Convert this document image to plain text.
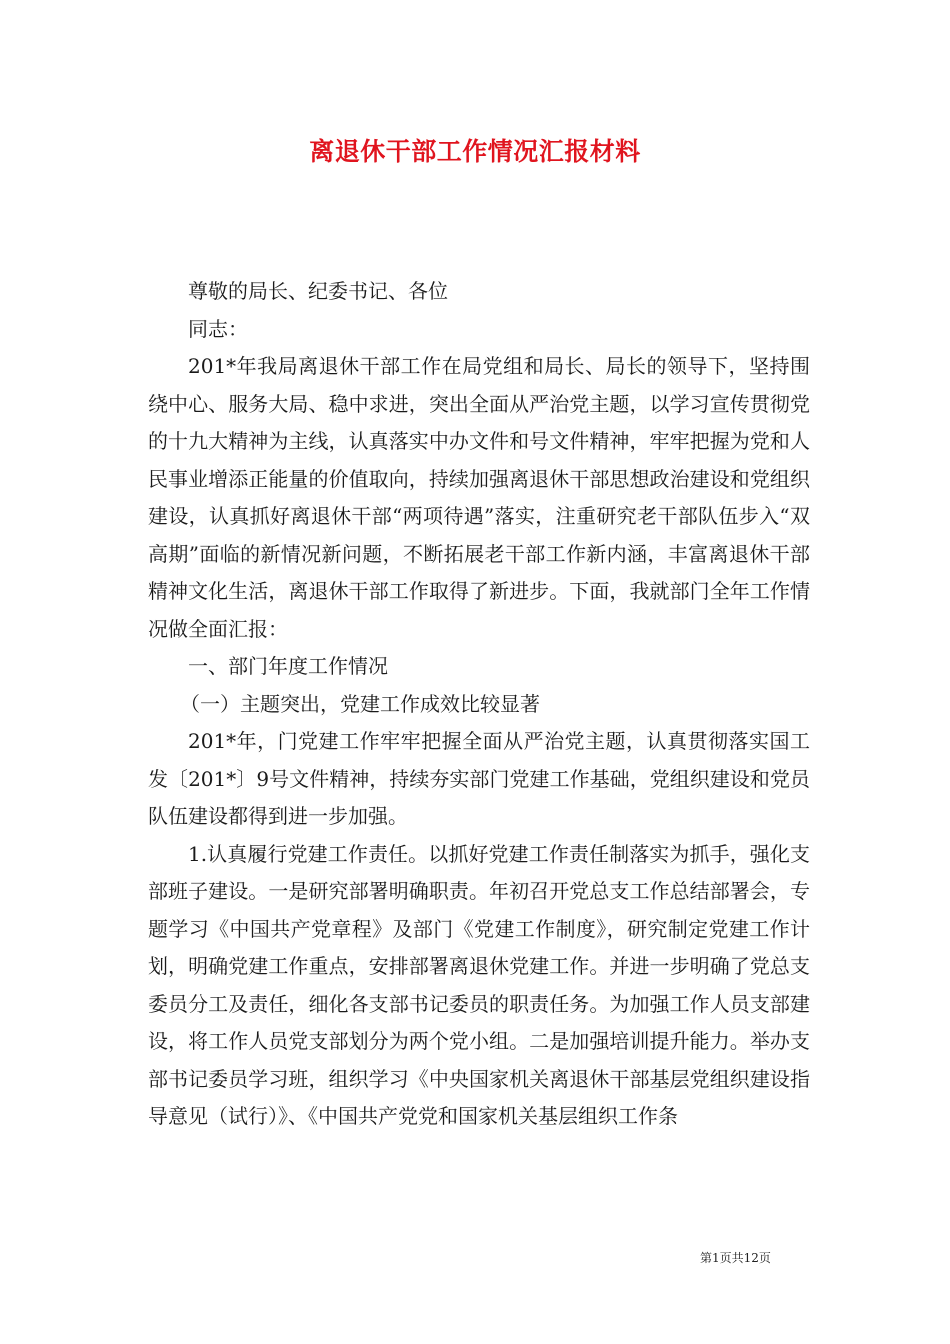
离退休干部工作情况汇报材料

尊敬的局长、纪委书记、各位

同志：

201*年我局离退休干部工作在局党组和局长、局长的领导下，坚持围绕中心、服务大局、稳中求进，突出全面从严治党主题，以学习宣传贯彻党的十九大精神为主线，认真落实中办文件和号文件精神，牢牢把握为党和人民事业增添正能量的价值取向，持续加强离退休干部思想政治建设和党组织建设，认真抓好离退休干部“两项待遇”落实，注重研究老干部队伍步入“双高期”面临的新情况新问题，不断拓展老干部工作新内涵，丰富离退休干部精神文化生活，离退休干部工作取得了新进步。下面，我就部门全年工作情况做全面汇报：

一、部门年度工作情况

（一）主题突出，党建工作成效比较显著

201*年，门党建工作牢牢把握全面从严治党主题，认真贯彻落实国工发〔201*〕9号文件精神，持续夯实部门党建工作基础，党组织建设和党员队伍建设都得到进一步加强。

1.认真履行党建工作责任。以抓好党建工作责任制落实为抓手，强化支部班子建设。一是研究部署明确职责。年初召开党总支工作总结部署会，专题学习《中国共产党章程》及部门《党建工作制度》，研究制定党建工作计划，明确党建工作重点，安排部署离退休党建工作。并进一步明确了党总支委员分工及责任，细化各支部书记委员的职责任务。为加强工作人员支部建设，将工作人员党支部划分为两个党小组。二是加强培训提升能力。举办支部书记委员学习班，组织学习《中央国家机关离退休干部基层党组织建设指导意见（试行）》、《中国共产党党和国家机关基层组织工作条

第1页共12页
